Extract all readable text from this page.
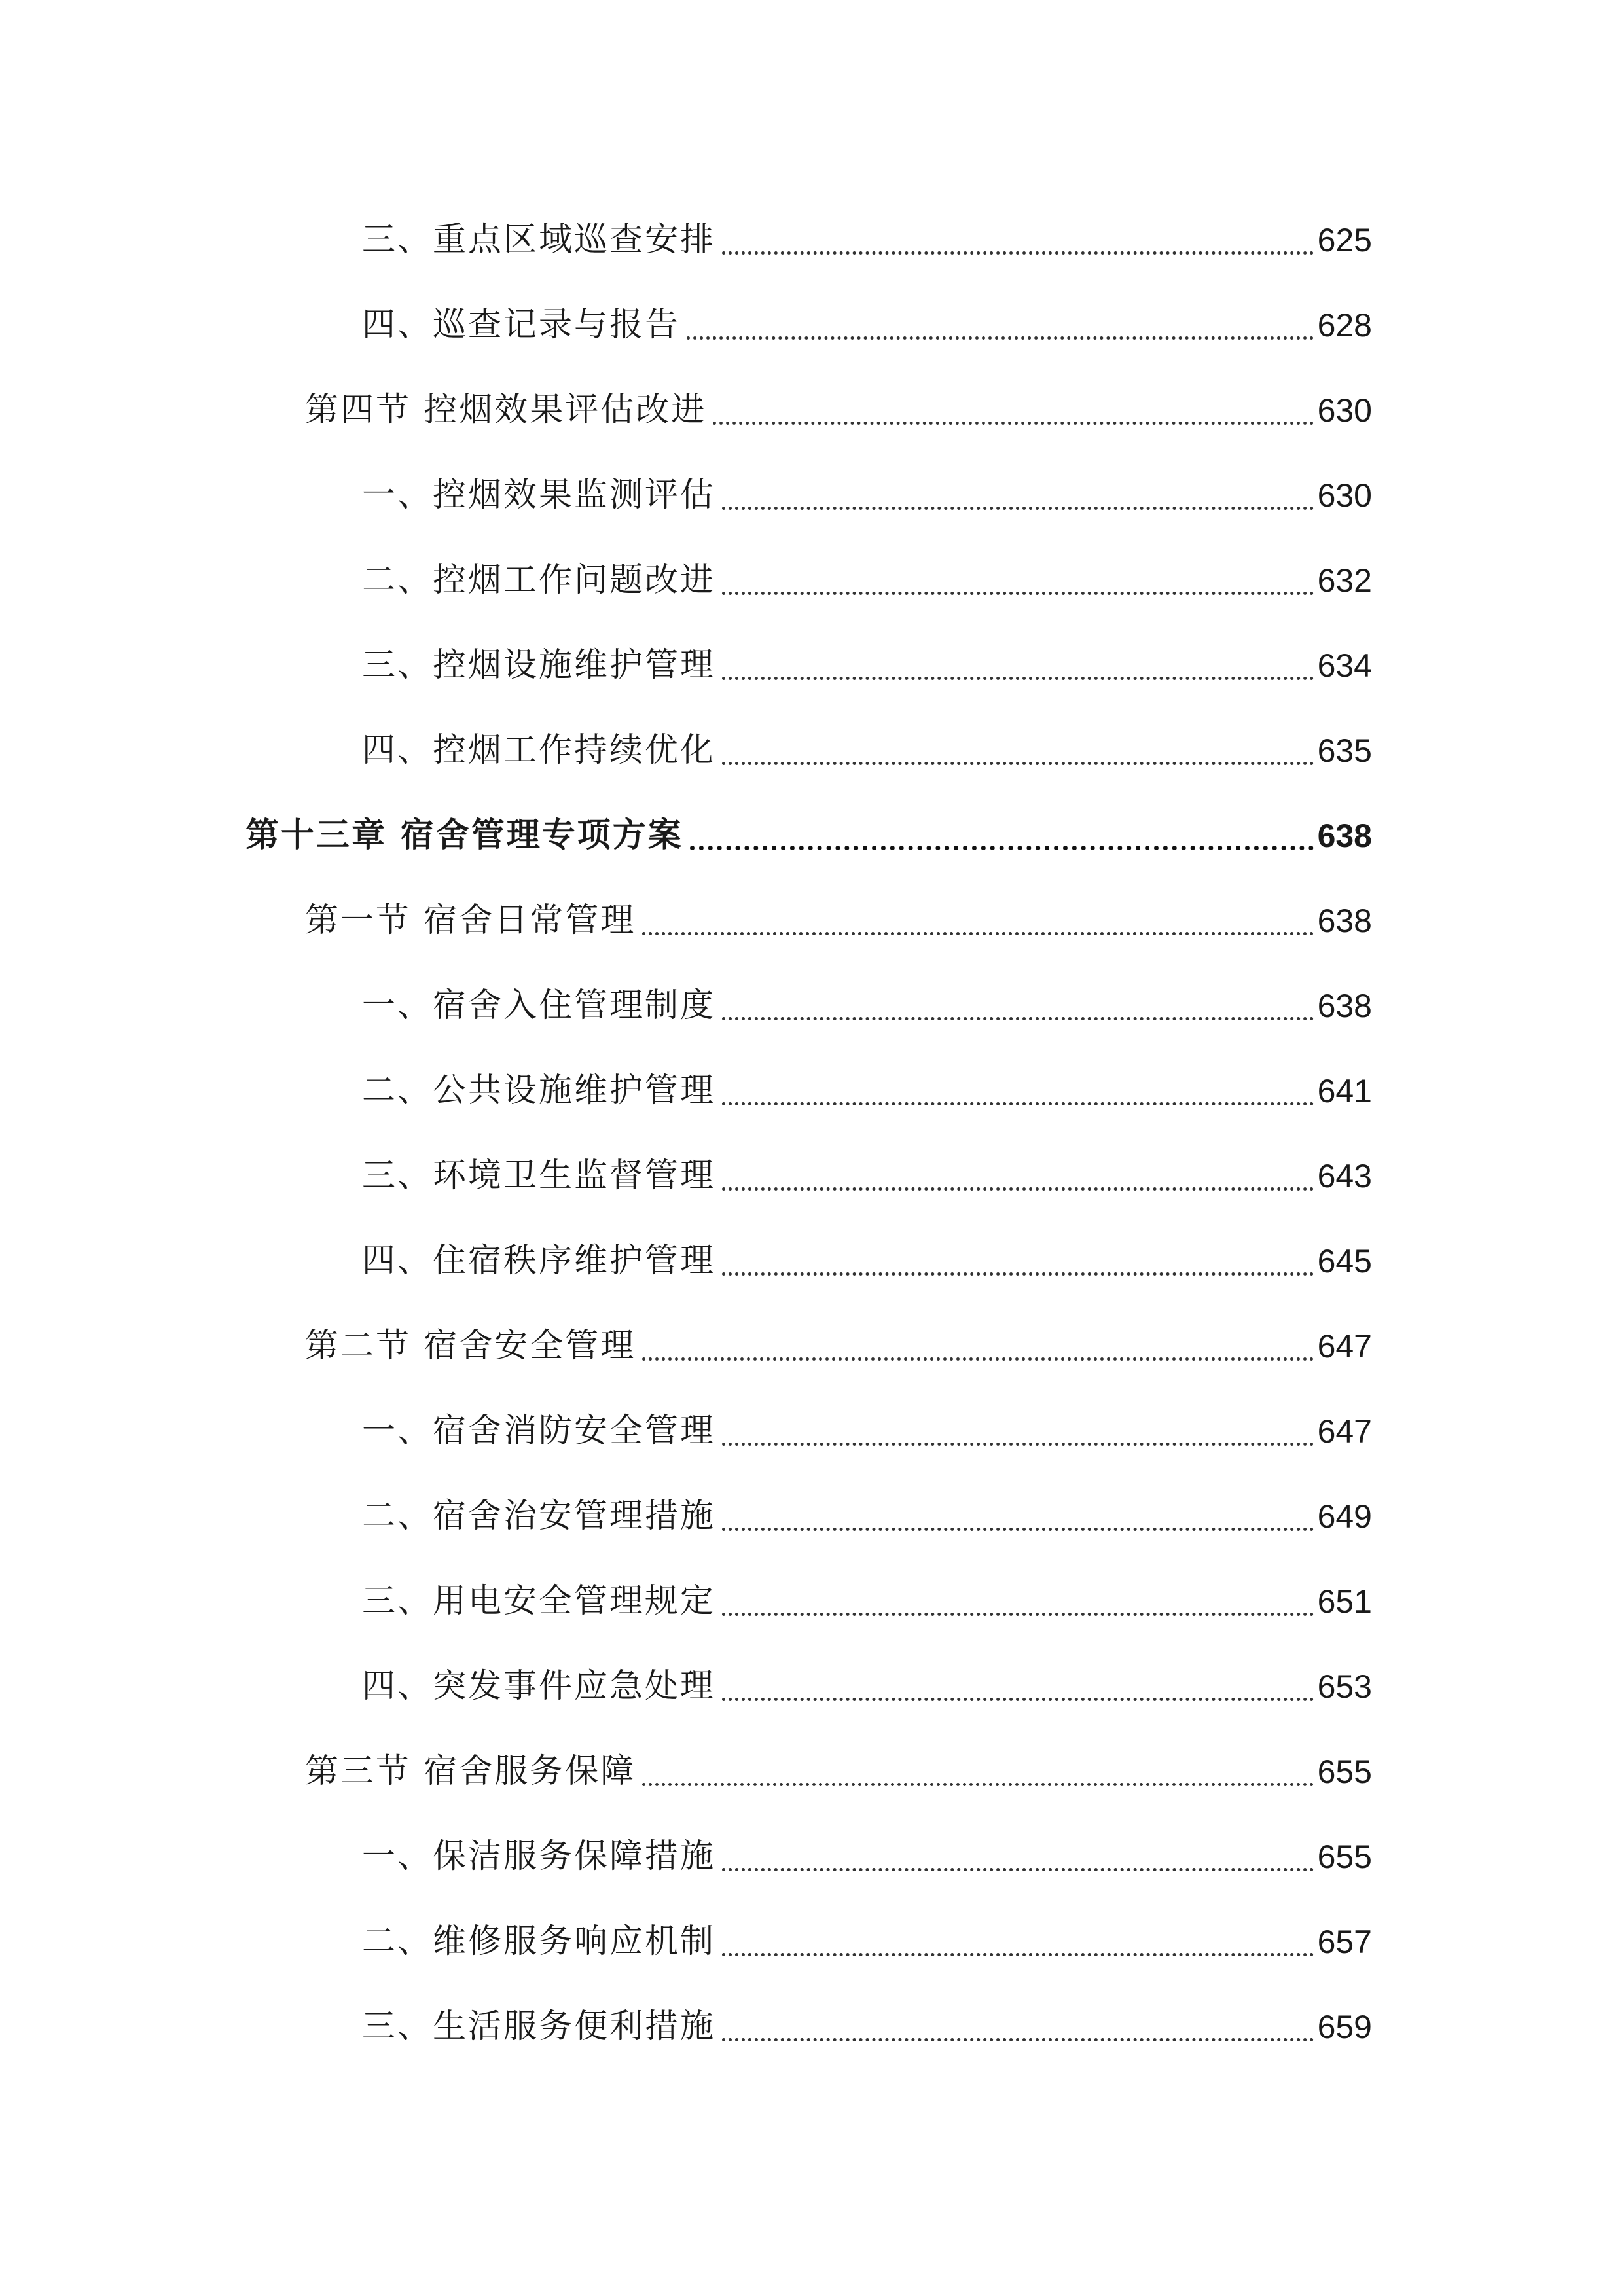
三、重点区域巡查安排	625
四、巡查记录与报告	628
第四节 控烟效果评估改进	630
一、控烟效果监测评估	630
二、控烟工作问题改进	632
三、控烟设施维护管理	634
四、控烟工作持续优化	635
第十三章 宿舍管理专项方案	638
第一节 宿舍日常管理	638
一、宿舍入住管理制度	638
二、公共设施维护管理	641
三、环境卫生监督管理	643
四、住宿秩序维护管理	645
第二节 宿舍安全管理	647
一、宿舍消防安全管理	647
二、宿舍治安管理措施	649
三、用电安全管理规定	651
四、突发事件应急处理	653
第三节 宿舍服务保障	655
一、保洁服务保障措施	655
二、维修服务响应机制	657
三、生活服务便利措施	659
